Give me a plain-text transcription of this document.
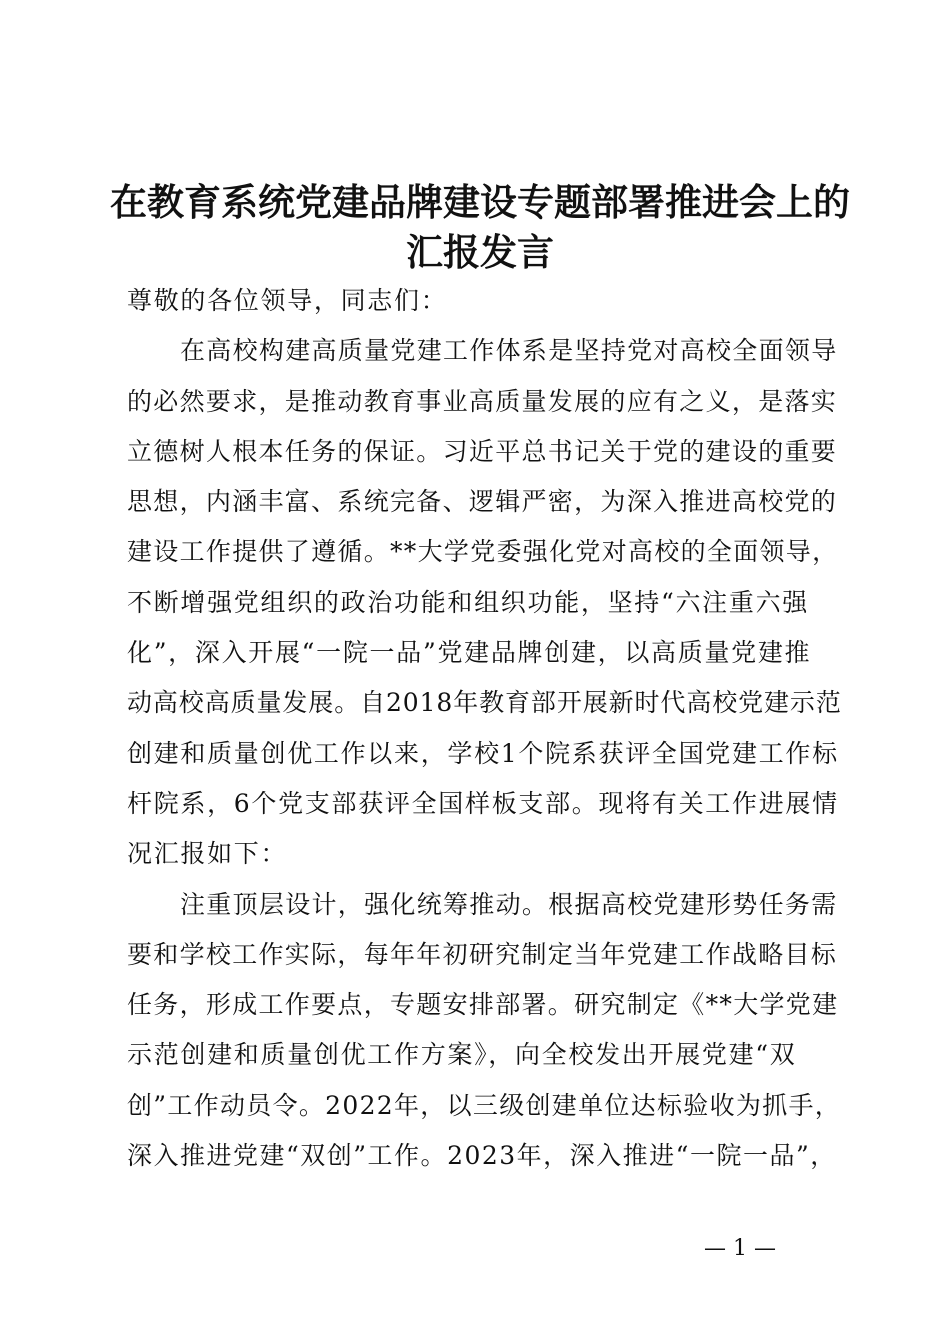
在教育系统党建品牌建设专题部署推进会上的
汇报发言
尊敬的各位领导，同志们：
在高校构建高质量党建工作体系是坚持党对高校全面领导
的必然要求，是推动教育事业高质量发展的应有之义，是落实
立德树人根本任务的保证。习近平总书记关于党的建设的重要
思想，内涵丰富、系统完备、逻辑严密，为深入推进高校党的
建设工作提供了遵循。**大学党委强化党对高校的全面领导，
不断增强党组织的政治功能和组织功能，坚持“六注重六强
化”，深入开展“一院一品”党建品牌创建，以高质量党建推
动高校高质量发展。自2018年教育部开展新时代高校党建示范
创建和质量创优工作以来，学校1个院系获评全国党建工作标
杆院系，6个党支部获评全国样板支部。现将有关工作进展情
况汇报如下：
注重顶层设计，强化统筹推动。根据高校党建形势任务需
要和学校工作实际，每年年初研究制定当年党建工作战略目标
任务，形成工作要点，专题安排部署。研究制定《**大学党建
示范创建和质量创优工作方案》，向全校发出开展党建“双
创”工作动员令。2022年，以三级创建单位达标验收为抓手，
深入推进党建“双创”工作。2023年，深入推进“一院一品”，
— 1 —
